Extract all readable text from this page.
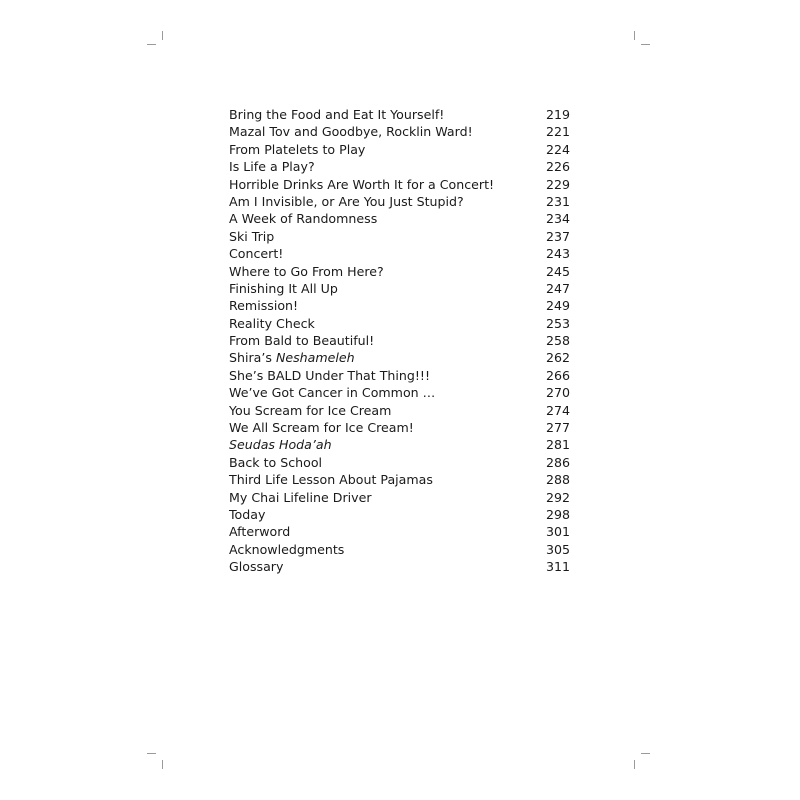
Bring the Food and Eat It Yourself!	219
Mazal Tov and Goodbye, Rocklin Ward!	221
From Platelets to Play	224
Is Life a Play?	226
Horrible Drinks Are Worth It for a Concert!	229
Am I Invisible, or Are You Just Stupid?	231
A Week of Randomness	234
Ski Trip	237
Concert!	243
Where to Go From Here?	245
Finishing It All Up	247
Remission!	249
Reality Check	253
From Bald to Beautiful!	258
Shira’s Neshameleh	262
She’s BALD Under That Thing!!!	266
We’ve Got Cancer in Common …	270
You Scream for Ice Cream	274
We All Scream for Ice Cream!	277
Seudas Hoda’ah	281
Back to School	286
Third Life Lesson About Pajamas	288
My Chai Lifeline Driver	292
Today	298
Afterword	301
Acknowledgments	305
Glossary	311
